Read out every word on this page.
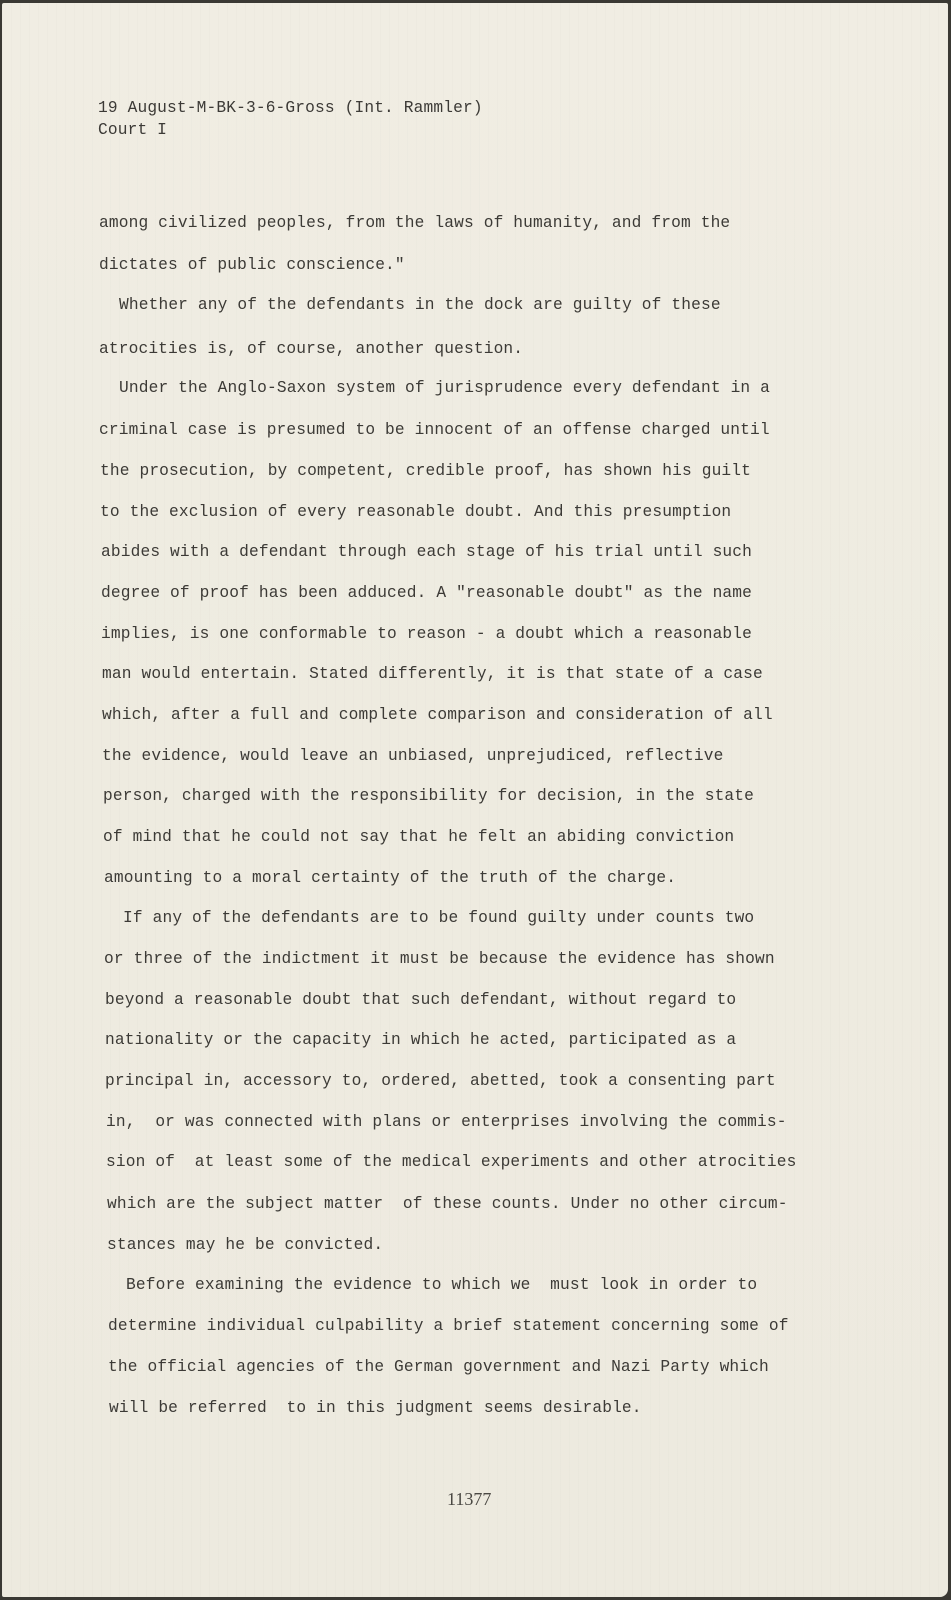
19 August-M-BK-3-6-Gross (Int. Rammler)
Court I
among civilized peoples, from the laws of humanity, and from the
dictates of public conscience."
Whether any of the defendants in the dock are guilty of these
atrocities is, of course, another question.
Under the Anglo-Saxon system of jurisprudence every defendant in a
criminal case is presumed to be innocent of an offense charged until
the prosecution, by competent, credible proof, has shown his guilt
to the exclusion of every reasonable doubt. And this presumption
abides with a defendant through each stage of his trial until such
degree of proof has been adduced. A "reasonable doubt" as the name
implies, is one conformable to reason - a doubt which a reasonable
man would entertain. Stated differently, it is that state of a case
which, after a full and complete comparison and consideration of all
the evidence, would leave an unbiased, unprejudiced, reflective
person, charged with the responsibility for decision, in the state
of mind that he could not say that he felt an abiding conviction
amounting to a moral certainty of the truth of the charge.
If any of the defendants are to be found guilty under counts two
or three of the indictment it must be because the evidence has shown
beyond a reasonable doubt that such defendant, without regard to
nationality or the capacity in which he acted, participated as a
principal in, accessory to, ordered, abetted, took a consenting part
in,  or was connected with plans or enterprises involving the commis-
sion of  at least some of the medical experiments and other atrocities
which are the subject matter  of these counts. Under no other circum-
stances may he be convicted.
Before examining the evidence to which we  must look in order to
determine individual culpability a brief statement concerning some of
the official agencies of the German government and Nazi Party which
will be referred  to in this judgment seems desirable.
11377
